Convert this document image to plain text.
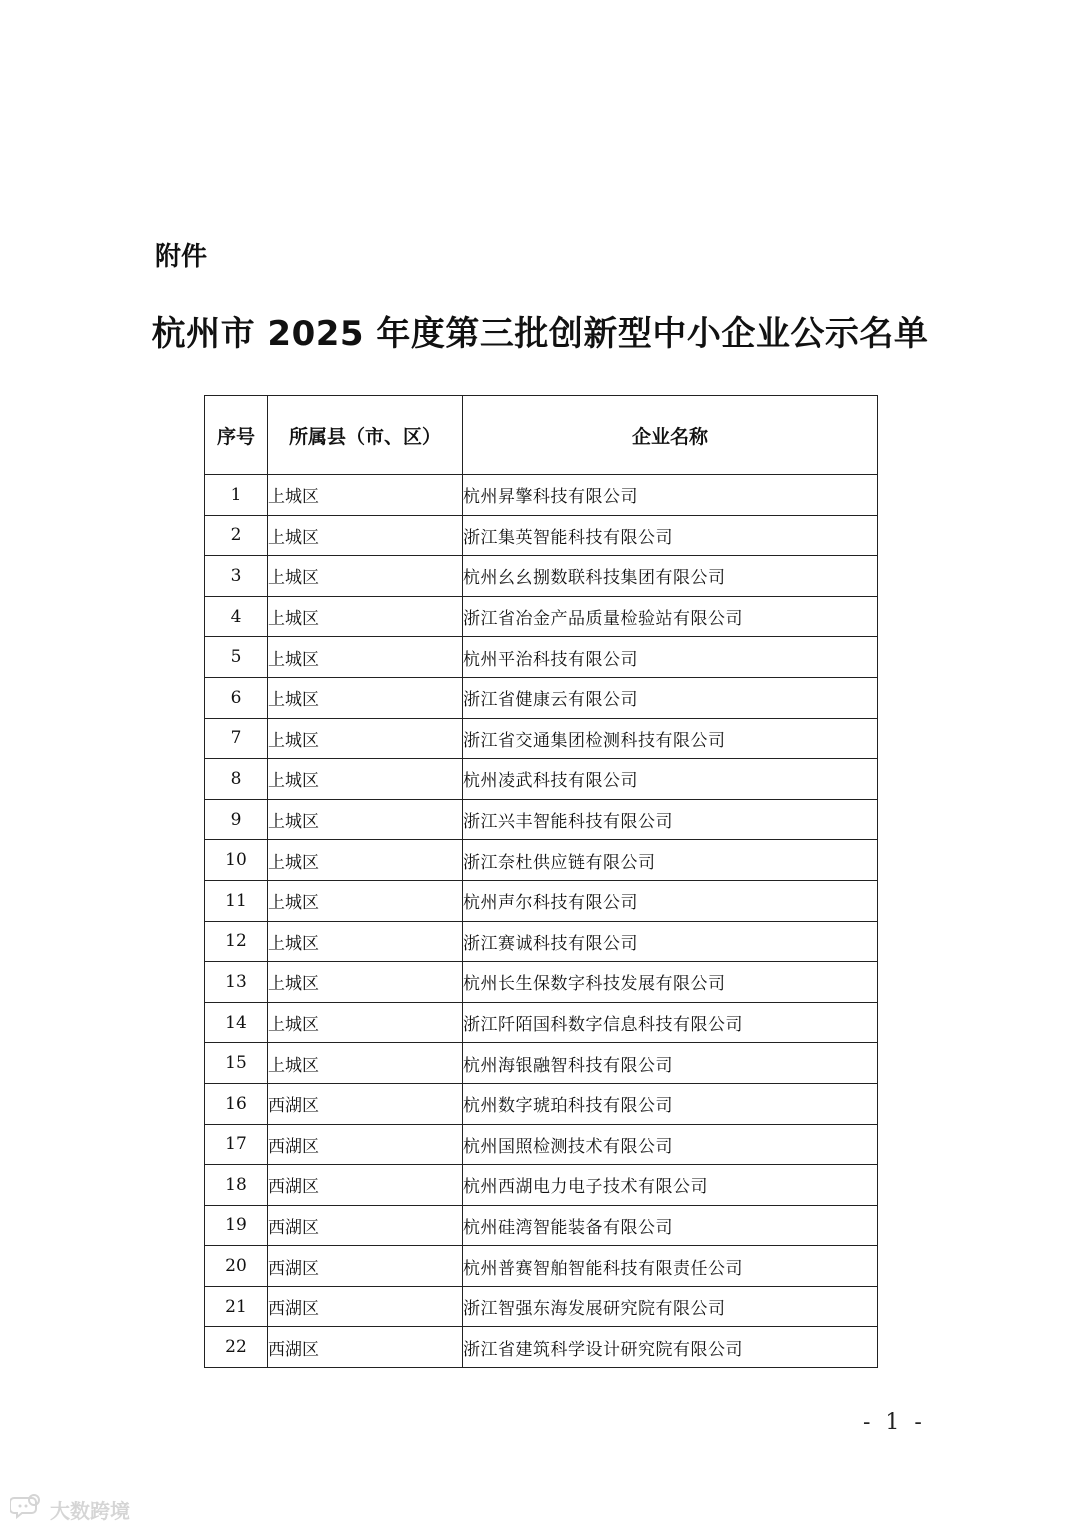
附件
杭州市 2025 年度第三批创新型中小企业公示名单
序号	所属县（市、区）	企业名称
1	上城区	杭州昇擎科技有限公司
2	上城区	浙江集英智能科技有限公司
3	上城区	杭州幺幺捌数联科技集团有限公司
4	上城区	浙江省冶金产品质量检验站有限公司
5	上城区	杭州平治科技有限公司
6	上城区	浙江省健康云有限公司
7	上城区	浙江省交通集团检测科技有限公司
8	上城区	杭州凌武科技有限公司
9	上城区	浙江兴丰智能科技有限公司
10	上城区	浙江奈杜供应链有限公司
11	上城区	杭州声尔科技有限公司
12	上城区	浙江赛诚科技有限公司
13	上城区	杭州长生保数字科技发展有限公司
14	上城区	浙江阡陌国科数字信息科技有限公司
15	上城区	杭州海银融智科技有限公司
16	西湖区	杭州数字琥珀科技有限公司
17	西湖区	杭州国照检测技术有限公司
18	西湖区	杭州西湖电力电子技术有限公司
19	西湖区	杭州硅湾智能装备有限公司
20	西湖区	杭州普赛智舶智能科技有限责任公司
21	西湖区	浙江智强东海发展研究院有限公司
22	西湖区	浙江省建筑科学设计研究院有限公司
- 1 -
大数跨境
